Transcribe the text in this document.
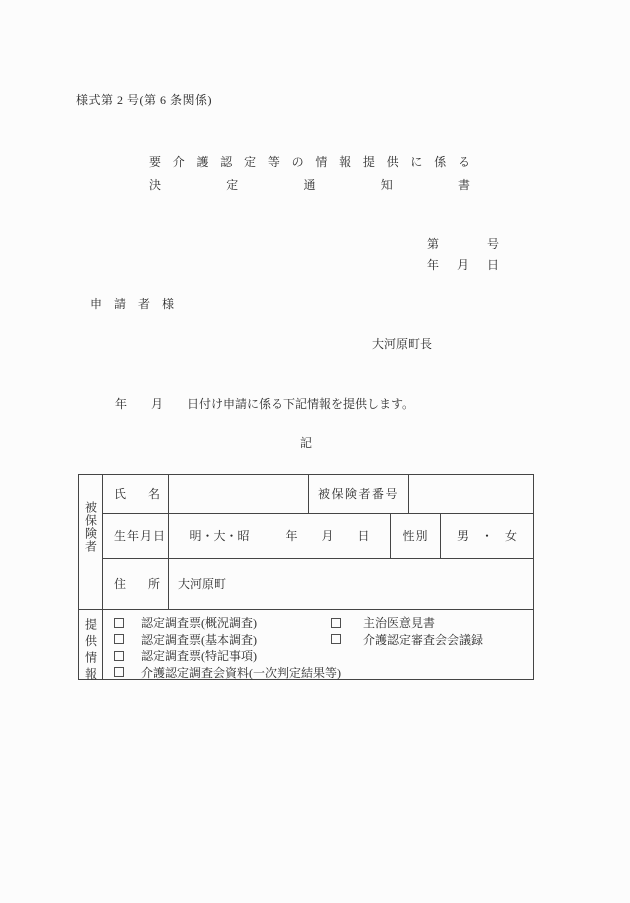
様式第 2 号(第 6 条関係)
要 介 護 認 定 等 の 情 報 提 供 に 係 る
決	定	通	知	書
第	号
年 月 日
申 請 者 様
大河原町長
年　　月　　日付け申請に係る下記情報を提供します。
記
被保険者
氏 名	被保険者番号
生年月日	明・大・昭　　　年　　月　　日	性別	男　・　女
住 所	大河原町
提供情報	認定調査票(概況調査)	主治医意見書
認定調査票(基本調査)	介護認定審査会会議録
認定調査票(特記事項)
介護認定調査会資料(一次判定結果等)
